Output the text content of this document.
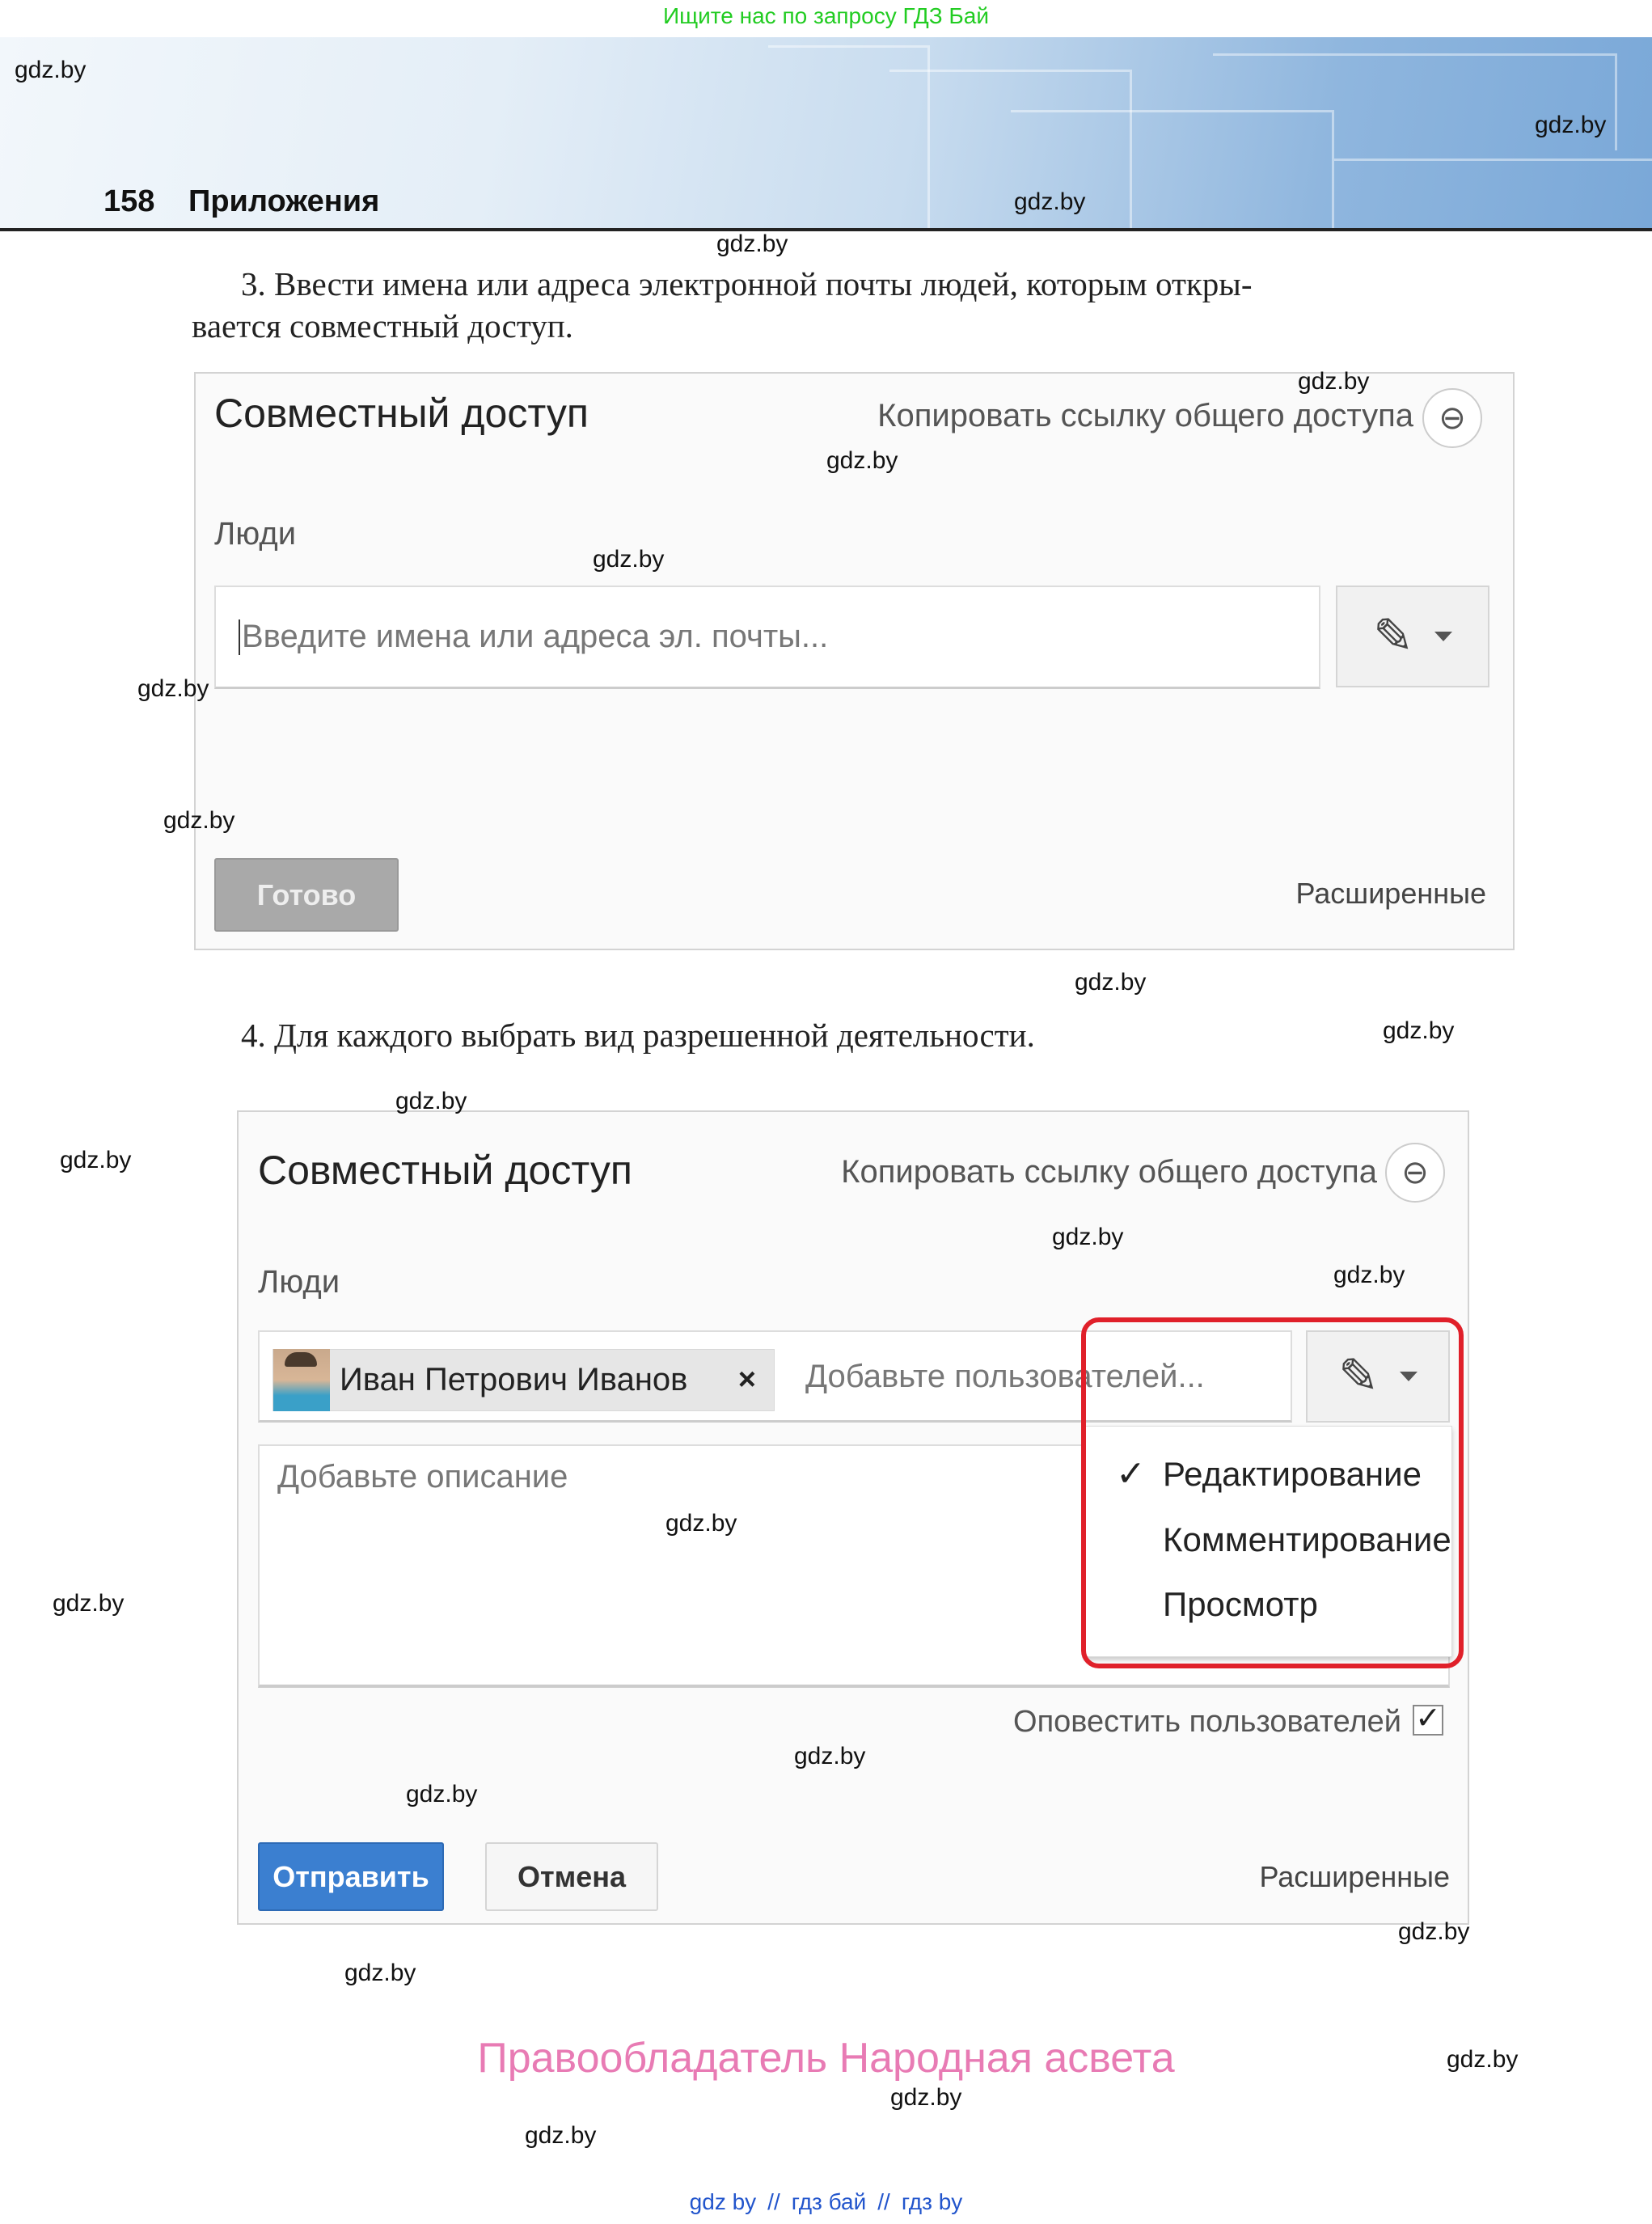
Ищите нас по запросу ГДЗ Бай
158 Приложения
3. Ввести имена или адреса электронной почты людей, которым откры-
вается совместный доступ.
Совместный доступ	Копировать ссылку общего доступа ⊖
Люди
Введите имена или адреса эл. почты...	✎
Готово	Расширенные
4. Для каждого выбрать вид разрешенной деятельности.
Совместный доступ	Копировать ссылку общего доступа ⊖
Люди
Иван Петрович Иванов × Добавьте пользователей...	✎
Добавьте описание	✓ Редактирование
Комментирование
Просмотр
Оповестить пользователей ✓
Отправить	Отмена	Расширенные
Правообладатель Народная асвета
gdz by // гдз бай // гдз by
gdz.by
gdz.by
gdz.by
gdz.by
gdz.by
gdz.by
gdz.by
gdz.by
gdz.by
gdz.by
gdz.by
gdz.by
gdz.by
gdz.by
gdz.by
gdz.by
gdz.by
gdz.by
gdz.by
gdz.by
gdz.by
gdz.by
gdz.by
gdz.by
